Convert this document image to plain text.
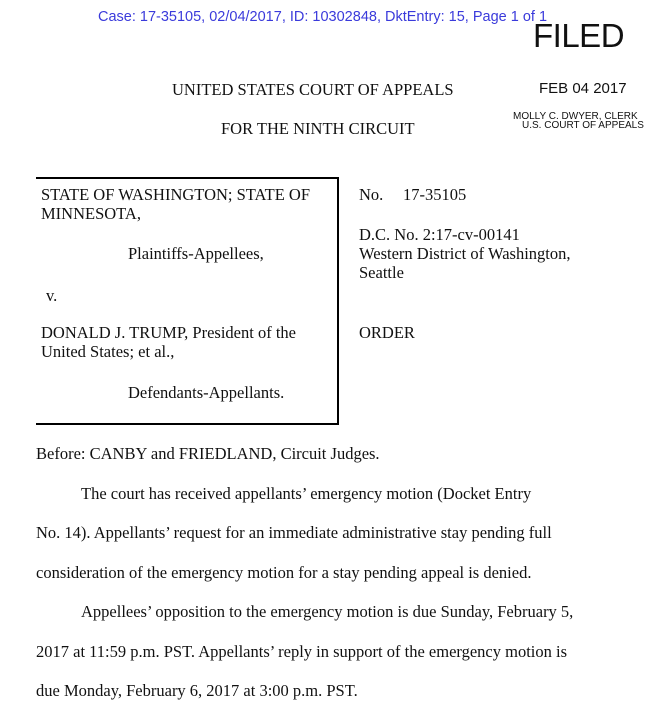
Case: 17-35105, 02/04/2017, ID: 10302848, DktEntry: 15, Page 1 of 1
FILED
FEB 04 2017
MOLLY C. DWYER, CLERK
U.S. COURT OF APPEALS
UNITED STATES COURT OF APPEALS
FOR THE NINTH CIRCUIT
STATE OF WASHINGTON; STATE OF
MINNESOTA,
Plaintiffs-Appellees,
v.
DONALD J. TRUMP, President of the
United States; et al.,
Defendants-Appellants.
No. 17-35105
D.C. No. 2:17-cv-00141
Western District of Washington,
Seattle
ORDER
Before: CANBY and FRIEDLAND, Circuit Judges.
The court has received appellants’ emergency motion (Docket Entry
No. 14). Appellants’ request for an immediate administrative stay pending full
consideration of the emergency motion for a stay pending appeal is denied.
Appellees’ opposition to the emergency motion is due Sunday, February 5,
2017 at 11:59 p.m. PST. Appellants’ reply in support of the emergency motion is
due Monday, February 6, 2017 at 3:00 p.m. PST.
